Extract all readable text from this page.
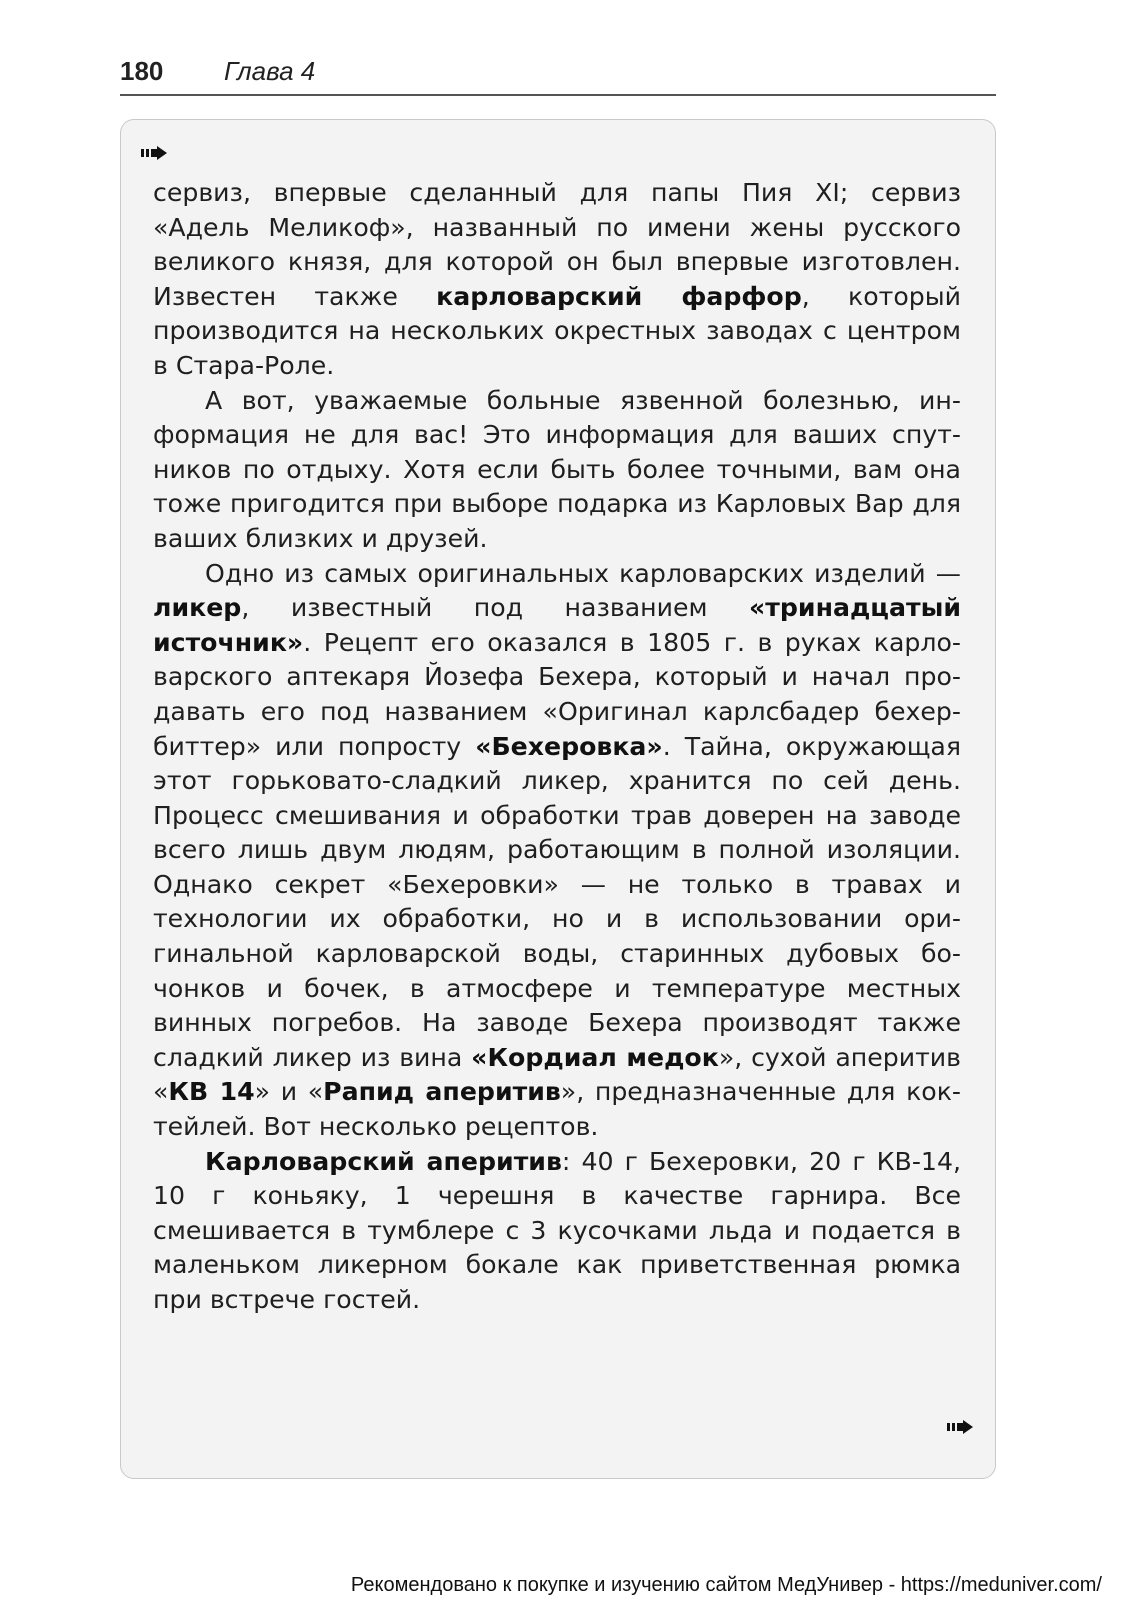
180 Глава 4

сервиз, впервые сделанный для папы Пия XI; сервиз «Адель Меликоф», названный по имени жены русского великого князя, для которой он был впервые изготовлен. Известен также карловарский фарфор, который производится на нескольких окрестных заводах с центром в Стара-Роле.

А вот, уважаемые больные язвенной болезнью, информация не для вас! Это информация для ваших спутников по отдыху. Хотя если быть более точными, вам она тоже пригодится при выборе подарка из Карловых Вар для ваших близких и друзей.

Одно из самых оригинальных карловарских изделий — ликер, известный под названием «тринадцатый источник». Рецепт его оказался в 1805 г. в руках карловарского аптекаря Йозефа Бехера, который и начал продавать его под названием «Оригинал карлсбадер бехербиттер» или попросту «Бехеровка». Тайна, окружающая этот горьковато-сладкий ликер, хранится по сей день. Процесс смешивания и обработки трав доверен на заводе всего лишь двум людям, работающим в полной изоляции. Однако секрет «Бехеровки» — не только в травах и технологии их обработки, но и в использовании оригинальной карловарской воды, старинных дубовых бочонков и бочек, в атмосфере и температуре местных винных погребов. На заводе Бехера производят также сладкий ликер из вина «Кордиал медок», сухой аперитив «КВ 14» и «Рапид аперитив», предназначенные для коктейлей. Вот несколько рецептов.

Карловарский аперитив: 40 г Бехеровки, 20 г КВ-14, 10 г коньяку, 1 черешня в качестве гарнира. Все смешивается в тумблере с 3 кусочками льда и подается в маленьком ликерном бокале как приветственная рюмка при встрече гостей.

Рекомендовано к покупке и изучению сайтом МедУнивер - https://meduniver.com/
